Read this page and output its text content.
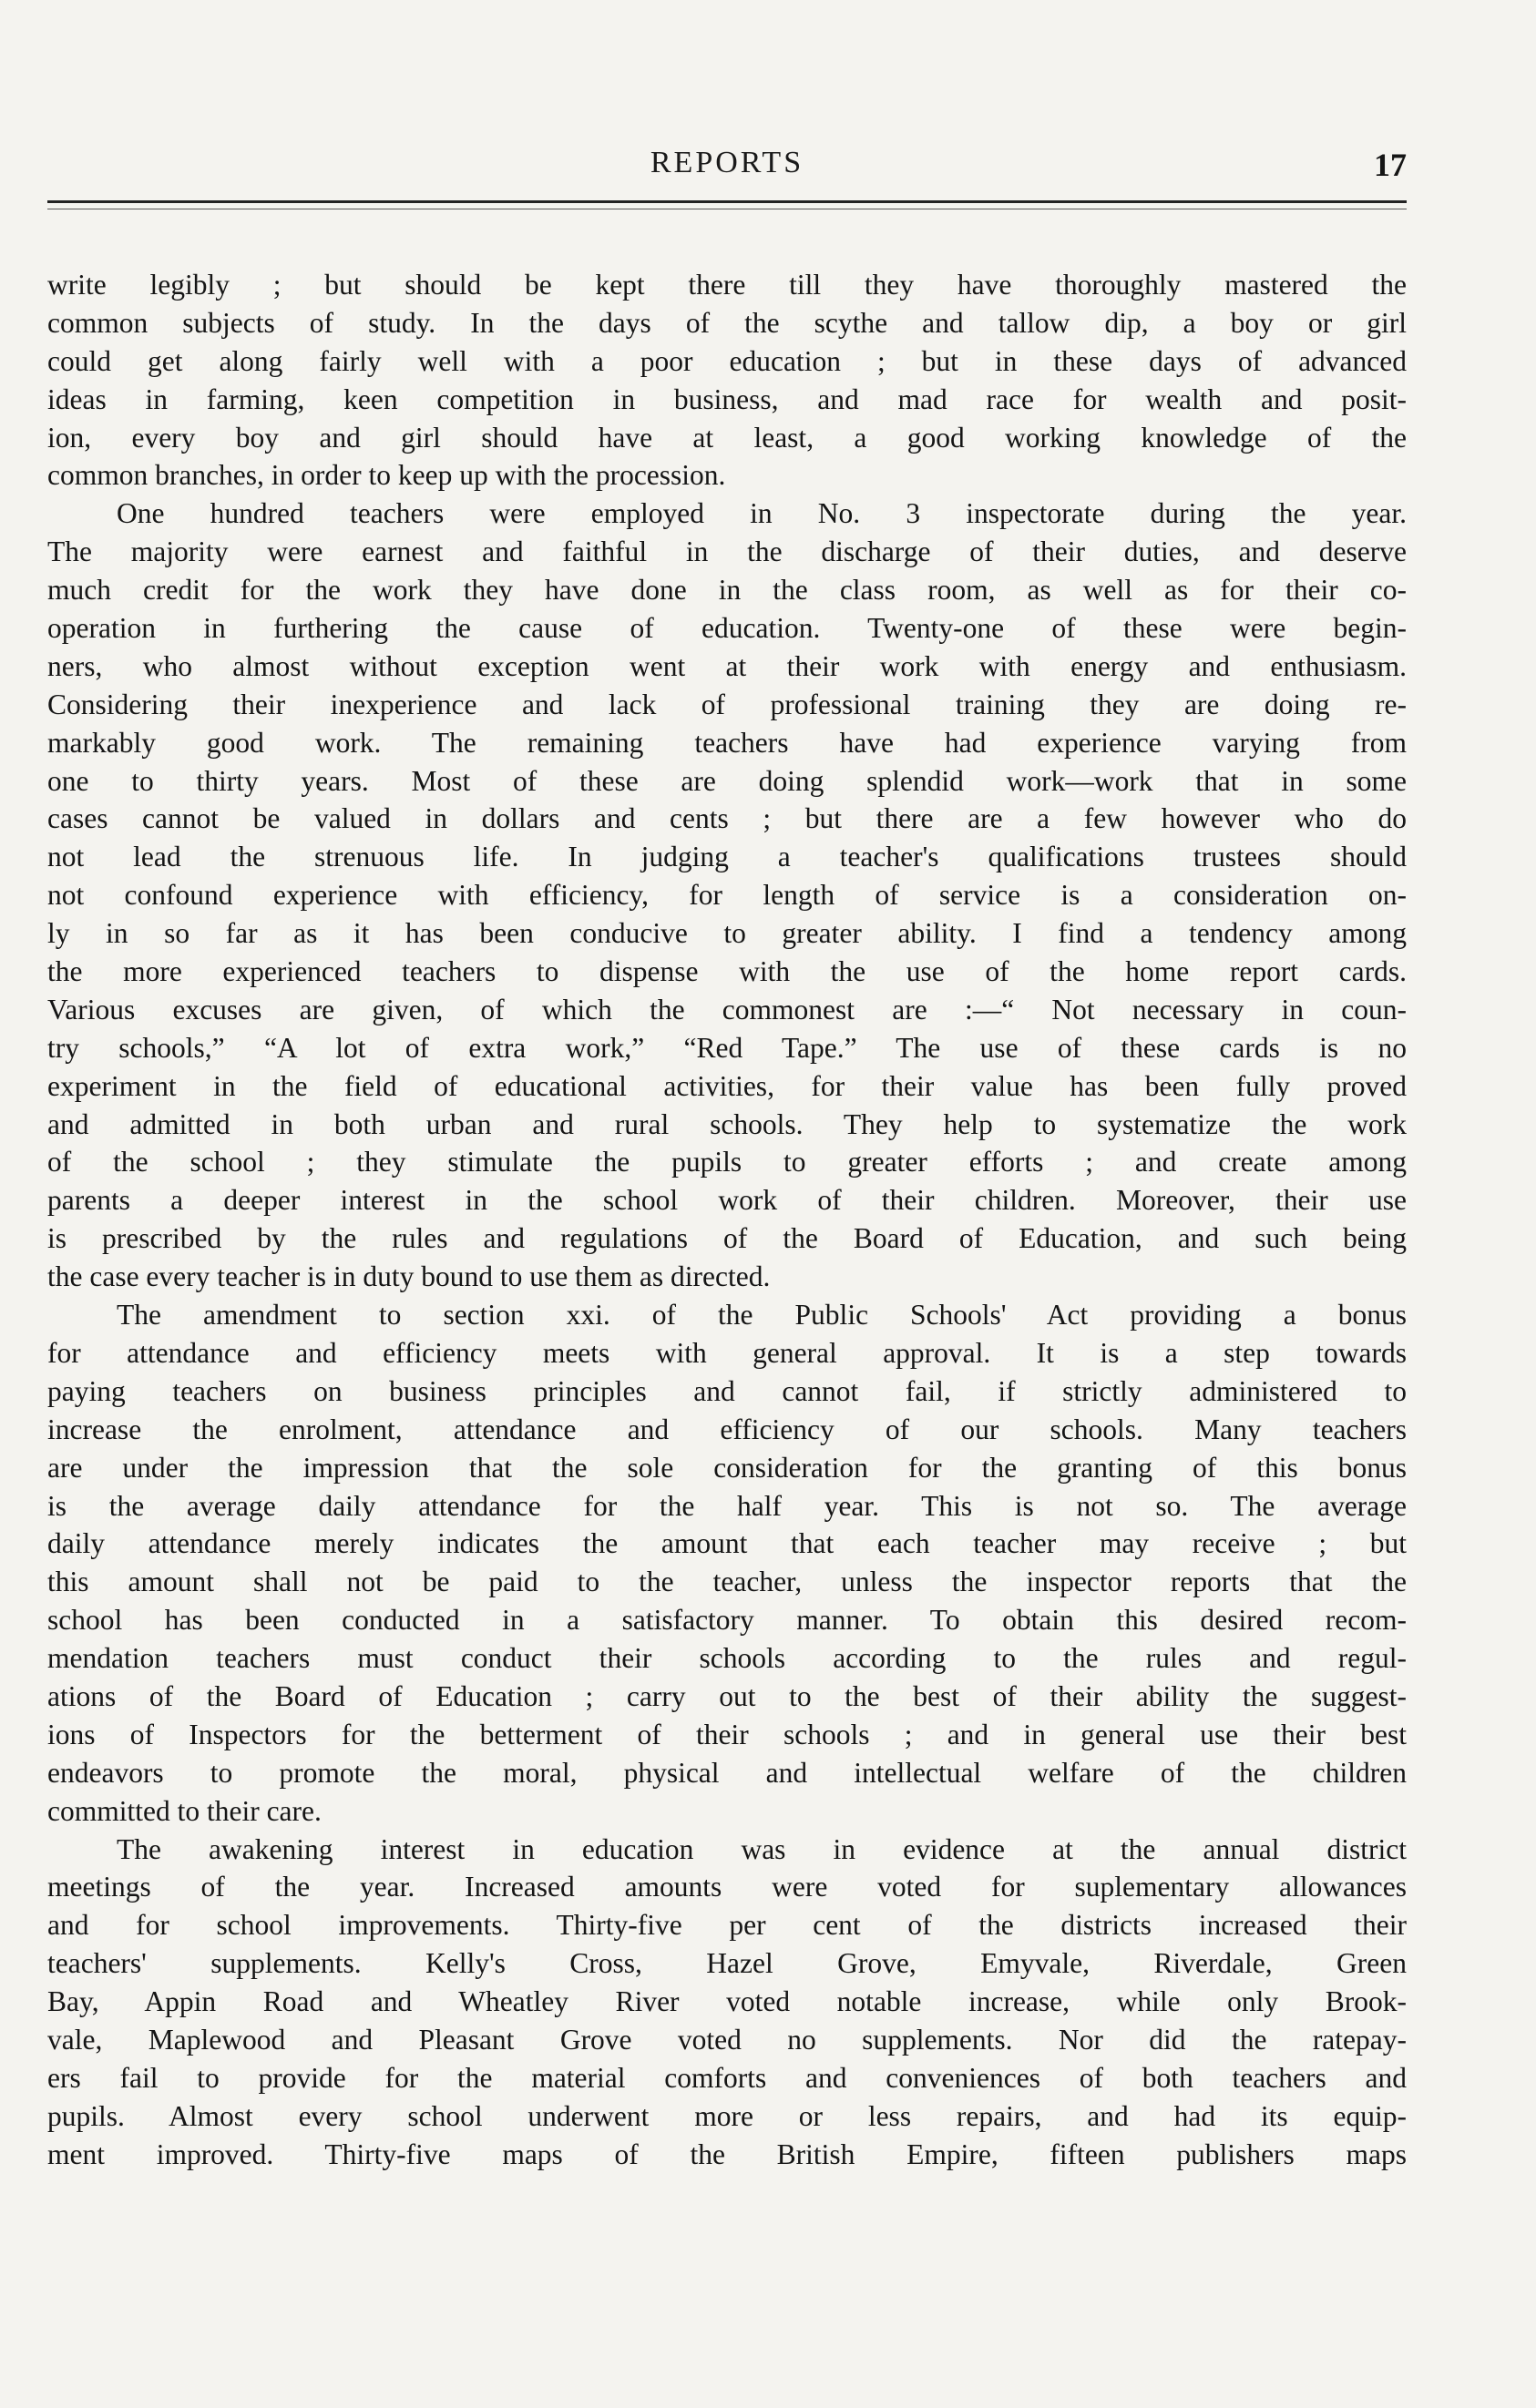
REPORTS	17
write legibly ; but should be kept there till they have thoroughly mastered the
common subjects of study. In the days of the scythe and tallow dip, a boy or girl
could get along fairly well with a poor education ; but in these days of advanced
ideas in farming, keen competition in business, and mad race for wealth and posit-
ion, every boy and girl should have at least, a good working knowledge of the
common branches, in order to keep up with the procession.
One hundred teachers were employed in No. 3 inspectorate during the year.
The majority were earnest and faithful in the discharge of their duties, and deserve
much credit for the work they have done in the class room, as well as for their co-
operation in furthering the cause of education. Twenty-one of these were begin-
ners, who almost without exception went at their work with energy and enthusiasm.
Considering their inexperience and lack of professional training they are doing re-
markably good work. The remaining teachers have had experience varying from
one to thirty years. Most of these are doing splendid work—work that in some
cases cannot be valued in dollars and cents ; but there are a few however who do
not lead the strenuous life. In judging a teacher's qualifications trustees should
not confound experience with efficiency, for length of service is a consideration on-
ly in so far as it has been conducive to greater ability. I find a tendency among
the more experienced teachers to dispense with the use of the home report cards.
Various excuses are given, of which the commonest are :—“ Not necessary in coun-
try schools,” “A lot of extra work,” “Red Tape.” The use of these cards is no
experiment in the field of educational activities, for their value has been fully proved
and admitted in both urban and rural schools. They help to systematize the work
of the school ; they stimulate the pupils to greater efforts ; and create among
parents a deeper interest in the school work of their children. Moreover, their use
is prescribed by the rules and regulations of the Board of Education, and such being
the case every teacher is in duty bound to use them as directed.
The amendment to section xxi. of the Public Schools' Act providing a bonus
for attendance and efficiency meets with general approval. It is a step towards
paying teachers on business principles and cannot fail, if strictly administered to
increase the enrolment, attendance and efficiency of our schools. Many teachers
are under the impression that the sole consideration for the granting of this bonus
is the average daily attendance for the half year. This is not so. The average
daily attendance merely indicates the amount that each teacher may receive ; but
this amount shall not be paid to the teacher, unless the inspector reports that the
school has been conducted in a satisfactory manner. To obtain this desired recom-
mendation teachers must conduct their schools according to the rules and regul-
ations of the Board of Education ; carry out to the best of their ability the suggest-
ions of Inspectors for the betterment of their schools ; and in general use their best
endeavors to promote the moral, physical and intellectual welfare of the children
committed to their care.
The awakening interest in education was in evidence at the annual district
meetings of the year. Increased amounts were voted for suplementary allowances
and for school improvements. Thirty-five per cent of the districts increased their
teachers' supplements. Kelly's Cross, Hazel Grove, Emyvale, Riverdale, Green
Bay, Appin Road and Wheatley River voted notable increase, while only Brook-
vale, Maplewood and Pleasant Grove voted no supplements. Nor did the ratepay-
ers fail to provide for the material comforts and conveniences of both teachers and
pupils. Almost every school underwent more or less repairs, and had its equip-
ment improved. Thirty-five maps of the British Empire, fifteen publishers maps
